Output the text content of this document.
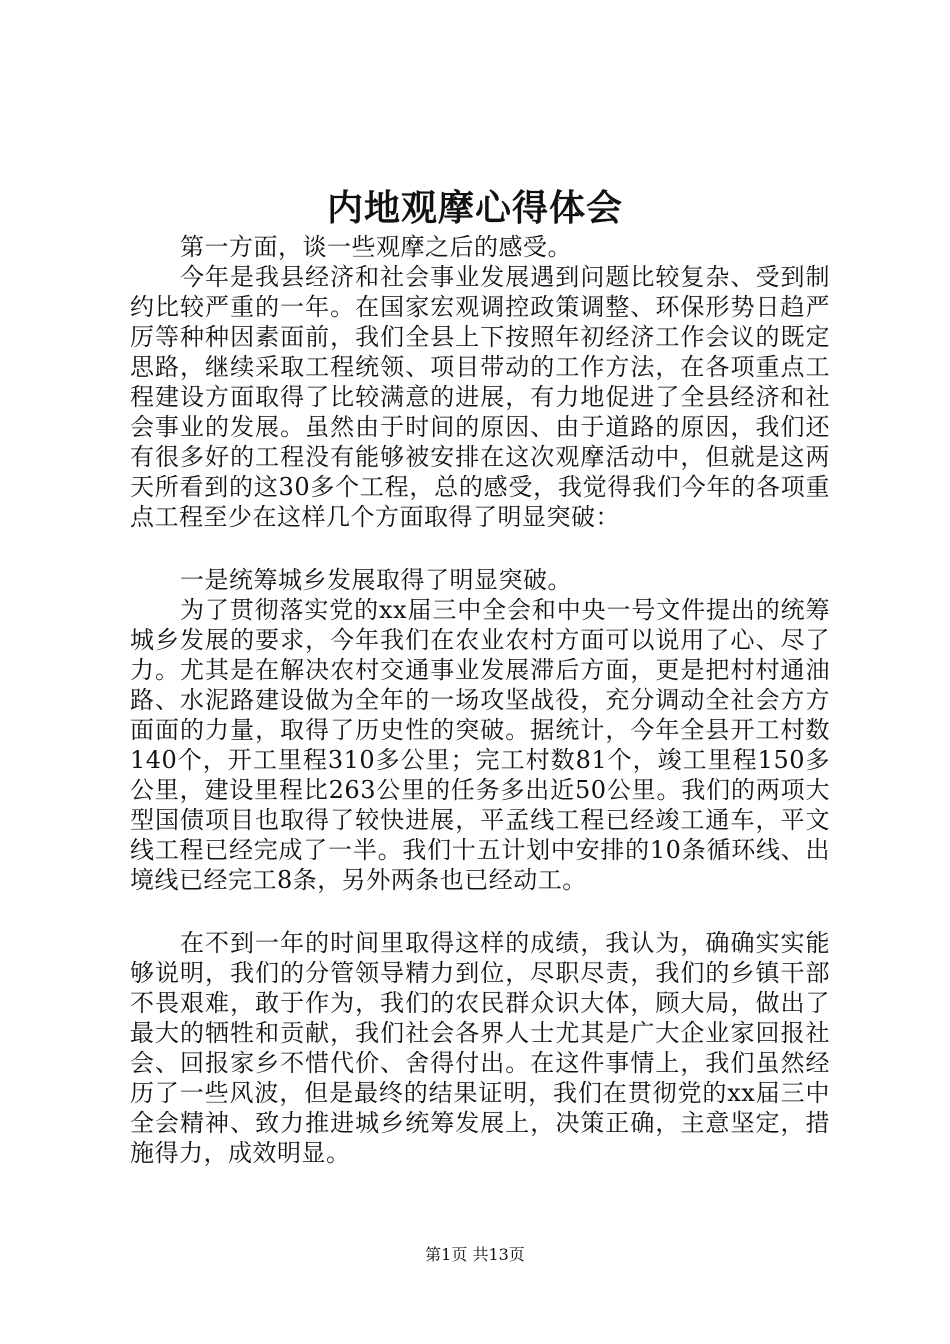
内地观摩心得体会

第一方面，谈一些观摩之后的感受。

今年是我县经济和社会事业发展遇到问题比较复杂、受到制约比较严重的一年。在国家宏观调控政策调整、环保形势日趋严厉等种种因素面前，我们全县上下按照年初经济工作会议的既定思路，继续采取工程统领、项目带动的工作方法，在各项重点工程建设方面取得了比较满意的进展，有力地促进了全县经济和社会事业的发展。虽然由于时间的原因、由于道路的原因，我们还有很多好的工程没有能够被安排在这次观摩活动中，但就是这两天所看到的这30多个工程，总的感受，我觉得我们今年的各项重点工程至少在这样几个方面取得了明显突破：

一是统筹城乡发展取得了明显突破。

为了贯彻落实党的xx届三中全会和中央一号文件提出的统筹城乡发展的要求，今年我们在农业农村方面可以说用了心、尽了力。尤其是在解决农村交通事业发展滞后方面，更是把村村通油路、水泥路建设做为全年的一场攻坚战役，充分调动全社会方方面面的力量，取得了历史性的突破。据统计，今年全县开工村数140个，开工里程310多公里；完工村数81个，竣工里程150多公里，建设里程比263公里的任务多出近50公里。我们的两项大型国债项目也取得了较快进展，平孟线工程已经竣工通车，平文线工程已经完成了一半。我们十五计划中安排的10条循环线、出境线已经完工8条，另外两条也已经动工。

在不到一年的时间里取得这样的成绩，我认为，确确实实能够说明，我们的分管领导精力到位，尽职尽责，我们的乡镇干部不畏艰难，敢于作为，我们的农民群众识大体，顾大局，做出了最大的牺牲和贡献，我们社会各界人士尤其是广大企业家回报社会、回报家乡不惜代价、舍得付出。在这件事情上，我们虽然经历了一些风波，但是最终的结果证明，我们在贯彻党的xx届三中全会精神、致力推进城乡统筹发展上，决策正确，主意坚定，措施得力，成效明显。

第1页 共13页
